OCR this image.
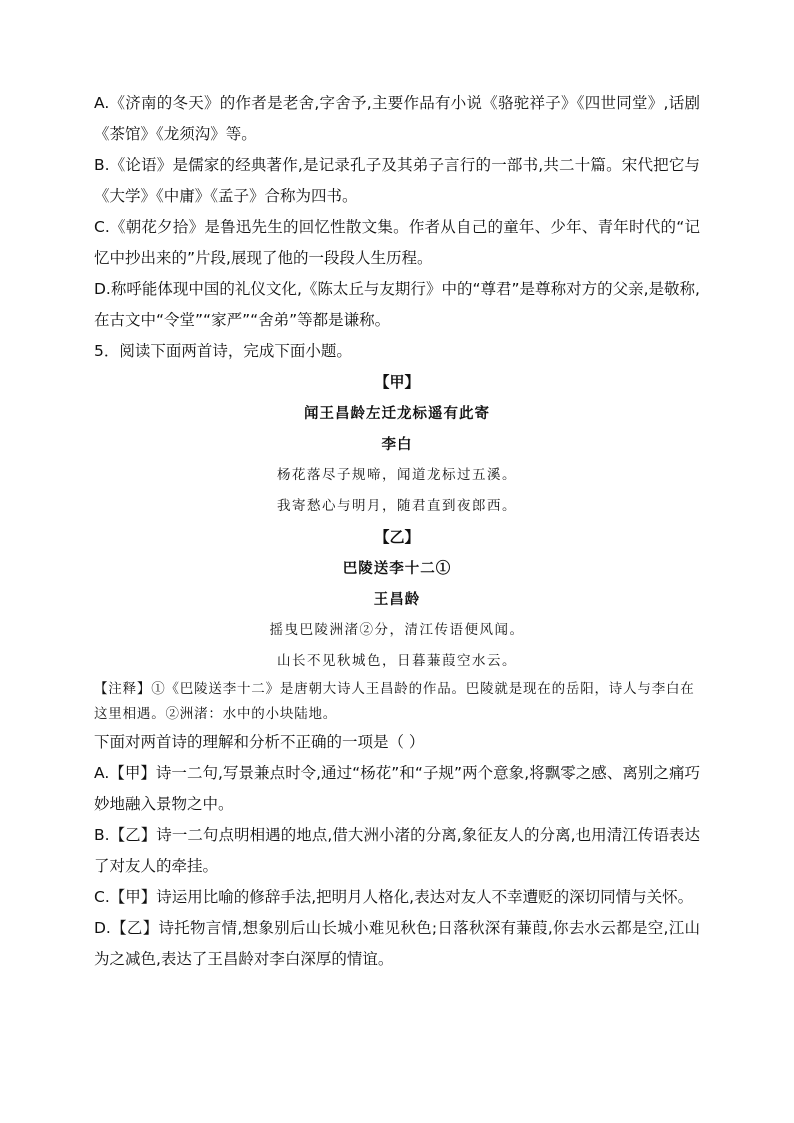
A.《济南的冬天》的作者是老舍,字舍予,主要作品有小说《骆驼祥子》《四世同堂》,话剧《茶馆》《龙须沟》等。

B.《论语》是儒家的经典著作,是记录孔子及其弟子言行的一部书,共二十篇。宋代把它与《大学》《中庸》《孟子》合称为四书。

C.《朝花夕拾》是鲁迅先生的回忆性散文集。作者从自己的童年、少年、青年时代的“记忆中抄出来的”片段,展现了他的一段段人生历程。

D.称呼能体现中国的礼仪文化,《陈太丘与友期行》中的“尊君”是尊称对方的父亲,是敬称,在古文中“令堂”“家严”“舍弟”等都是谦称。

5．阅读下面两首诗，完成下面小题。

【甲】

闻王昌龄左迁龙标遥有此寄

李白

杨花落尽子规啼，闻道龙标过五溪。

我寄愁心与明月，随君直到夜郎西。

【乙】

巴陵送李十二①

王昌龄

摇曳巴陵洲渚②分，清江传语便风闻。

山长不见秋城色，日暮蒹葭空水云。

【注释】①《巴陵送李十二》是唐朝大诗人王昌龄的作品。巴陵就是现在的岳阳，诗人与李白在这里相遇。②洲渚：水中的小块陆地。

下面对两首诗的理解和分析不正确的一项是（ ）

A.【甲】诗一二句,写景兼点时令,通过“杨花”和“子规”两个意象,将飘零之感、离别之痛巧妙地融入景物之中。

B.【乙】诗一二句点明相遇的地点,借大洲小渚的分离,象征友人的分离,也用清江传语表达了对友人的牵挂。

C.【甲】诗运用比喻的修辞手法,把明月人格化,表达对友人不幸遭贬的深切同情与关怀。

D.【乙】诗托物言情,想象别后山长城小难见秋色;日落秋深有蒹葭,你去水云都是空,江山为之减色,表达了王昌龄对李白深厚的情谊。
